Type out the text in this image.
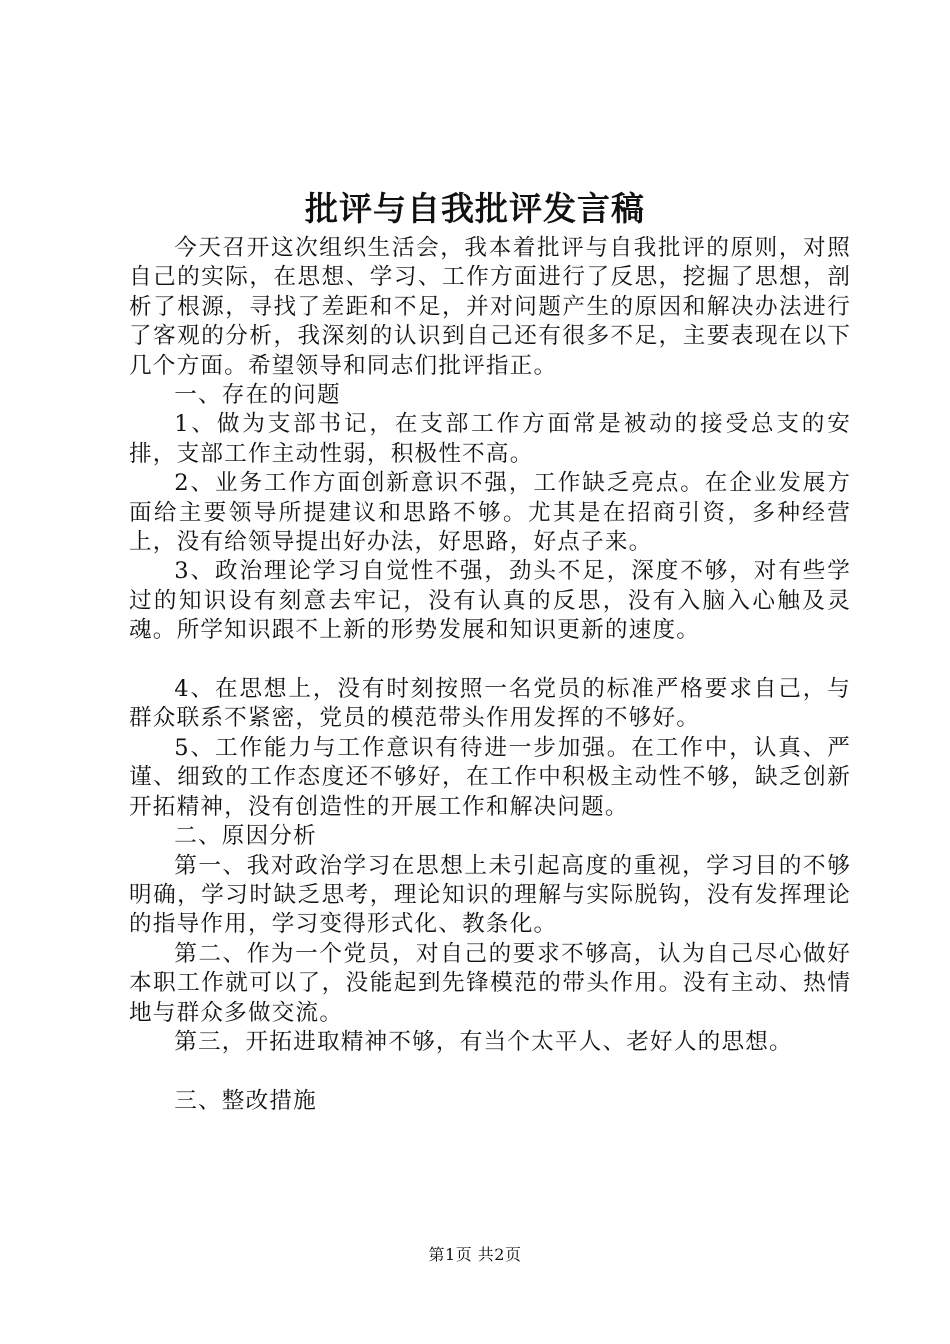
批评与自我批评发言稿

今天召开这次组织生活会，我本着批评与自我批评的原则，对照自己的实际，在思想、学习、工作方面进行了反思，挖掘了思想，剖析了根源，寻找了差距和不足，并对问题产生的原因和解决办法进行了客观的分析，我深刻的认识到自己还有很多不足，主要表现在以下几个方面。希望领导和同志们批评指正。

一、存在的问题

1、做为支部书记，在支部工作方面常是被动的接受总支的安排，支部工作主动性弱，积极性不高。

2、业务工作方面创新意识不强，工作缺乏亮点。在企业发展方面给主要领导所提建议和思路不够。尤其是在招商引资，多种经营上，没有给领导提出好办法，好思路，好点子来。

3、政治理论学习自觉性不强，劲头不足，深度不够，对有些学过的知识设有刻意去牢记，没有认真的反思，没有入脑入心触及灵魂。所学知识跟不上新的形势发展和知识更新的速度。

4、在思想上，没有时刻按照一名党员的标准严格要求自己，与群众联系不紧密，党员的模范带头作用发挥的不够好。

5、工作能力与工作意识有待进一步加强。在工作中，认真、严谨、细致的工作态度还不够好，在工作中积极主动性不够，缺乏创新开拓精神，没有创造性的开展工作和解决问题。

二、原因分析

第一、我对政治学习在思想上未引起高度的重视，学习目的不够明确，学习时缺乏思考，理论知识的理解与实际脱钩，没有发挥理论的指导作用，学习变得形式化、教条化。

第二、作为一个党员，对自己的要求不够高，认为自己尽心做好本职工作就可以了，没能起到先锋模范的带头作用。没有主动、热情地与群众多做交流。

第三，开拓进取精神不够，有当个太平人、老好人的思想。

三、整改措施

第1页 共2页
